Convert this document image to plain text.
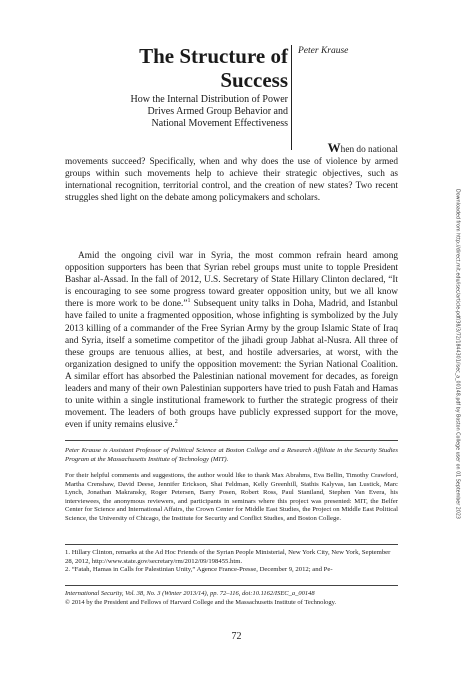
The Structure of
Success
Peter Krause
How the Internal Distribution of Power
Drives Armed Group Behavior and
National Movement Effectiveness
When do national

movements succeed? Specifically, when and why does the use of violence by armed groups within such movements help to achieve their strategic objectives, such as international recognition, territorial control, and the creation of new states? Two recent struggles shed light on the debate among policymakers and scholars.

Amid the ongoing civil war in Syria, the most common refrain heard among opposition supporters has been that Syrian rebel groups must unite to topple President Bashar al-Assad. In the fall of 2012, U.S. Secretary of State Hillary Clinton declared, “It is encouraging to see some progress toward greater opposition unity, but we all know there is more work to be done.”$^1$ Subsequent unity talks in Doha, Madrid, and Istanbul have failed to unite a fragmented opposition, whose infighting is symbolized by the July 2013 killing of a commander of the Free Syrian Army by the group Islamic State of Iraq and Syria, itself a sometime competitor of the jihadi group Jabhat al-Nusra. All three of these groups are tenuous allies, at best, and hostile adversaries, at worst, with the organization designed to unify the opposition movement: the Syrian National Coalition. A similar effort has absorbed the Palestinian national movement for decades, as foreign leaders and many of their own Palestinian supporters have tried to push Fatah and Hamas to unite within a single institutional framework to further the strategic progress of their movement. The leaders of both groups have publicly expressed support for the move, even if unity remains elusive.$^2$
Peter Krause is Assistant Professor of Political Science at Boston College and a Research Affiliate in the Security Studies Program at the Massachusetts Institute of Technology (MIT).
For their helpful comments and suggestions, the author would like to thank Max Abrahms, Eva Bellin, Timothy Crawford, Martha Crenshaw, David Deese, Jennifer Erickson, Shai Feldman, Kelly Greenhill, Stathis Kalyvas, Ian Lustick, Marc Lynch, Jonathan Makransky, Roger Petersen, Barry Posen, Robert Ross, Paul Staniland, Stephen Van Evera, his interviewees, the anonymous reviewers, and participants in seminars where this project was presented: MIT, the Belfer Center for Science and International Affairs, the Crown Center for Middle East Studies, the Project on Middle East Political Science, the University of Chicago, the Institute for Security and Conflict Studies, and Boston College.
1. Hillary Clinton, remarks at the Ad Hoc Friends of the Syrian People Ministerial, New York City, New York, September 28, 2012, http://www.state.gov/secretary/rm/2012/09/198455.htm.
2. “Fatah, Hamas in Calls for Palestinian Unity,” Agence France-Presse, December 9, 2012; and Pe-
International Security, Vol. 38, No. 3 (Winter 2013/14), pp. 72–116, doi:10.1162/ISEC_a_00148
© 2014 by the President and Fellows of Harvard College and the Massachusetts Institute of Technology.
72
Downloaded from http://direct.mit.edu/isec/article-pdf/38/3/72/1844301/isec_a_00148.pdf by Boston College user on 01 September 2023
